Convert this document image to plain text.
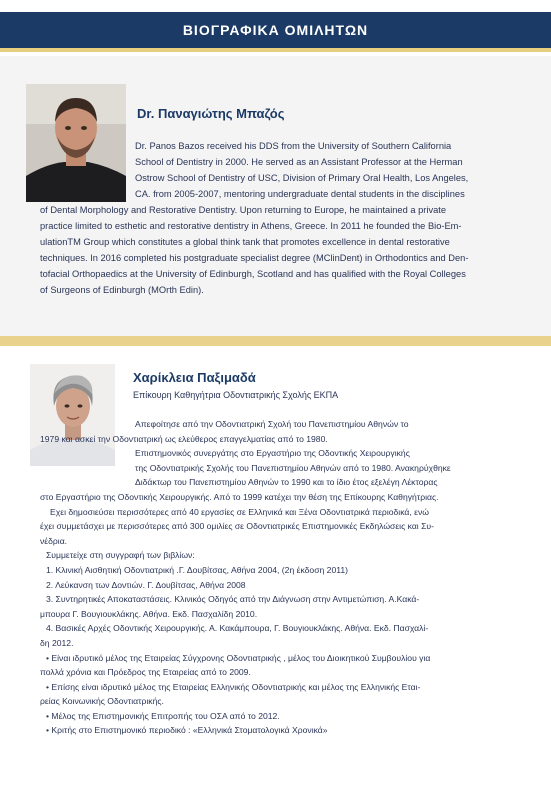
ΒΙΟΓΡΑΦΙΚΑ ΟΜΙΛΗΤΩΝ
Dr. Παναγιώτης Μπαζός
Dr. Panos Bazos received his DDS from the University of Southern California
School of Dentistry in 2000. He served as an Assistant Professor at the Herman
Ostrow School of Dentistry of USC, Division of Primary Oral Health, Los Angeles,
CA. from 2005-2007, mentoring undergraduate dental students in the disciplines
of Dental Morphology and Restorative Dentistry. Upon returning to Europe, he maintained a private
practice limited to esthetic and restorative dentistry in Athens, Greece. In 2011 he founded the Bio-Em-
ulationTM Group which constitutes a global think tank that promotes excellence in dental restorative
techniques. In 2016 completed his postgraduate specialist degree (MClinDent) in Orthodontics and Den-
tofacial Orthopaedics at the University of Edinburgh, Scotland and has qualified with the Royal Colleges
of Surgeons of Edinburgh (MOrth Edin).
Χαρίκλεια Παξιμαδά
Επίκουρη Καθηγήτρια Οδοντιατρικής Σχολής ΕΚΠΑ
Απεφοίτησε από την Οδοντιατρική Σχολή του Πανεπιστημίου Αθηνών το
1979 και ασκεί την Οδοντιατρική ως ελεύθερος επαγγελματίας από το 1980.
Επιστημονικός συνεργάτης στο Εργαστήριο της Οδοντικής Χειρουργικής
της Οδοντιατρικής Σχολής του Πανεπιστημίου Αθηνών από το 1980. Ανακηρύχθηκε
Διδάκτωρ του Πανεπιστημίου Αθηνών το 1990 και το ίδιο έτος εξελέγη Λέκτορας
στο Εργαστήριο της Οδοντικής Χειρουργικής. Από το 1999 κατέχει την θέση της Επίκουρης Καθηγήτριας.
Εχει δημοσιεύσει περισσότερες από 40 εργασίες σε Ελληνικά και Ξένα Οδοντιατρικά περιοδικά, ενώ
έχει συμμετάσχει με περισσότερες από 300 ομιλίες σε Οδοντιατρικές Επιστημονικές Εκδηλώσεις και Συ-
νέδρια.
Συμμετείχε στη συγγραφή των βιβλίων:
1. Κλινική Αισθητική Οδοντιατρική .Γ. Δουβίτσας, Αθήνα 2004, (2η έκδοση 2011)
2. Λεύκανση των Δοντιών. Γ. Δουβίτσας, Αθήνα 2008
3. Συντηρητικές Αποκαταστάσεις. Κλινικός Οδηγός από την Διάγνωση στην Αντιμετώπιση. Α.Κακά-
μπουρα Γ. Βουγιουκλάκης. Αθήνα. Εκδ. Πασχαλίδη 2010.
4. Βασικές Αρχές Οδοντικής Χειρουργικής. Α. Κακάμπουρα, Γ. Βουγιουκλάκης. Αθήνα. Εκδ. Πασχαλί-
δη 2012.
• Είναι ιδρυτικό μέλος της Εταιρείας Σύγχρονης Οδοντιατρικής , μέλος του Διοικητικού Συμβουλίου για
πολλά χρόνια και Πρόεδρος της Εταιρείας από το 2009.
• Επίσης είναι ιδρυτικό μέλος της Εταιρείας Ελληνικής Οδοντιατρικής και μέλος της Ελληνικής Εται-
ρείας Κοινωνικής Οδοντιατρικής.
• Μέλος της Επιστημονικής Επιτροπής του ΟΣΑ από το 2012.
• Κριτής στο Επιστημονικό περιοδικό : «Ελληνικά Στοματολογικά Χρονικά»
